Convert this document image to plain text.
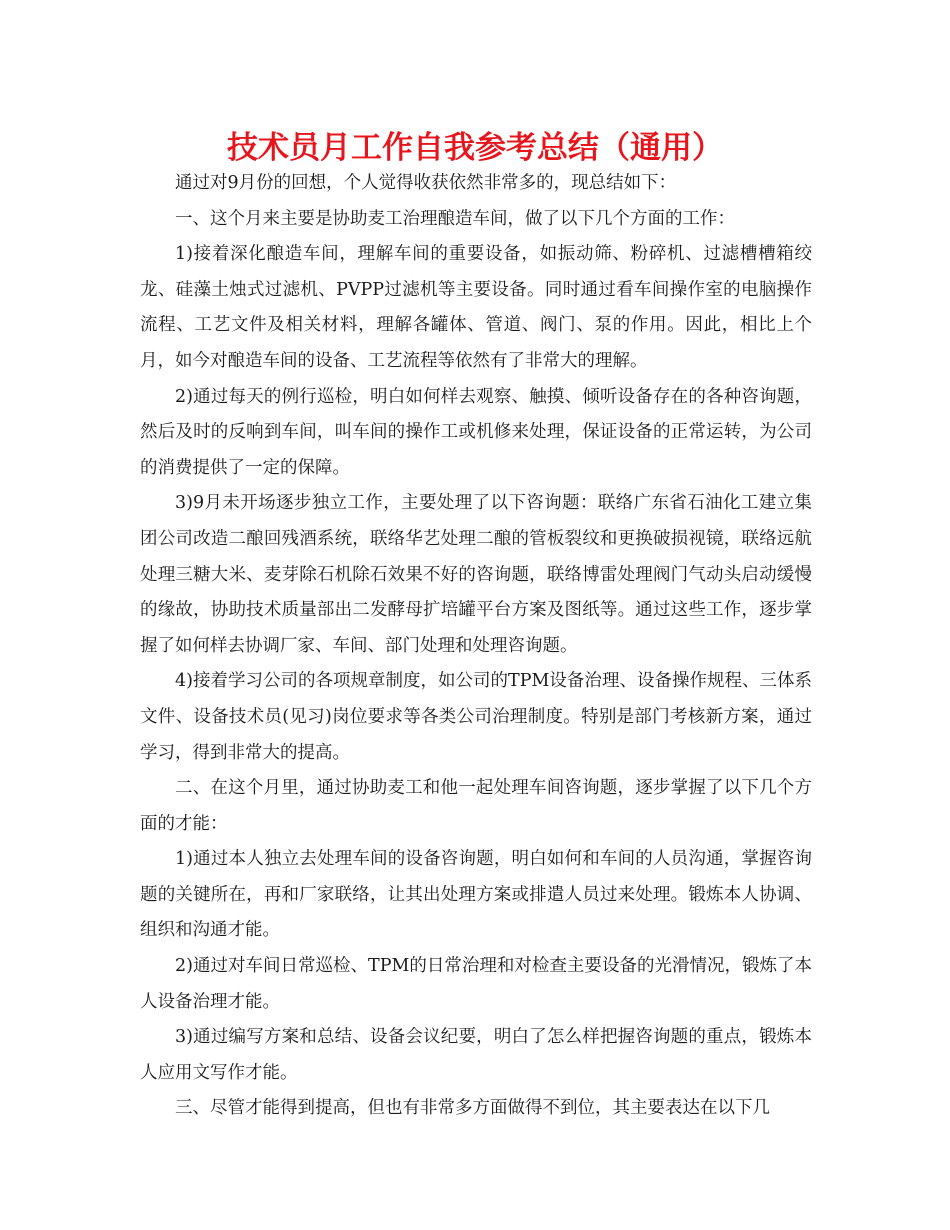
技术员月工作自我参考总结（通用）

通过对9月份的回想，个人觉得收获依然非常多的，现总结如下：

一、这个月来主要是协助麦工治理酿造车间，做了以下几个方面的工作：

1)接着深化酿造车间，理解车间的重要设备，如振动筛、粉碎机、过滤槽槽箱绞龙、硅藻土烛式过滤机、PVPP过滤机等主要设备。同时通过看车间操作室的电脑操作流程、工艺文件及相关材料，理解各罐体、管道、阀门、泵的作用。因此，相比上个月，如今对酿造车间的设备、工艺流程等依然有了非常大的理解。

2)通过每天的例行巡检，明白如何样去观察、触摸、倾听设备存在的各种咨询题，然后及时的反响到车间，叫车间的操作工或机修来处理，保证设备的正常运转，为公司的消费提供了一定的保障。

3)9月未开场逐步独立工作，主要处理了以下咨询题：联络广东省石油化工建立集团公司改造二酿回残酒系统，联络华艺处理二酿的管板裂纹和更换破损视镜，联络远航处理三糖大米、麦芽除石机除石效果不好的咨询题，联络博雷处理阀门气动头启动缓慢的缘故，协助技术质量部出二发酵母扩培罐平台方案及图纸等。通过这些工作，逐步掌握了如何样去协调厂家、车间、部门处理和处理咨询题。

4)接着学习公司的各项规章制度，如公司的TPM设备治理、设备操作规程、三体系文件、设备技术员(见习)岗位要求等各类公司治理制度。特别是部门考核新方案，通过学习，得到非常大的提高。

二、在这个月里，通过协助麦工和他一起处理车间咨询题，逐步掌握了以下几个方面的才能：

1)通过本人独立去处理车间的设备咨询题，明白如何和车间的人员沟通，掌握咨询题的关键所在，再和厂家联络，让其出处理方案或排遣人员过来处理。锻炼本人协调、组织和沟通才能。

2)通过对车间日常巡检、TPM的日常治理和对检查主要设备的光滑情况，锻炼了本人设备治理才能。

3)通过编写方案和总结、设备会议纪要，明白了怎么样把握咨询题的重点，锻炼本人应用文写作才能。

三、尽管才能得到提高，但也有非常多方面做得不到位，其主要表达在以下几
